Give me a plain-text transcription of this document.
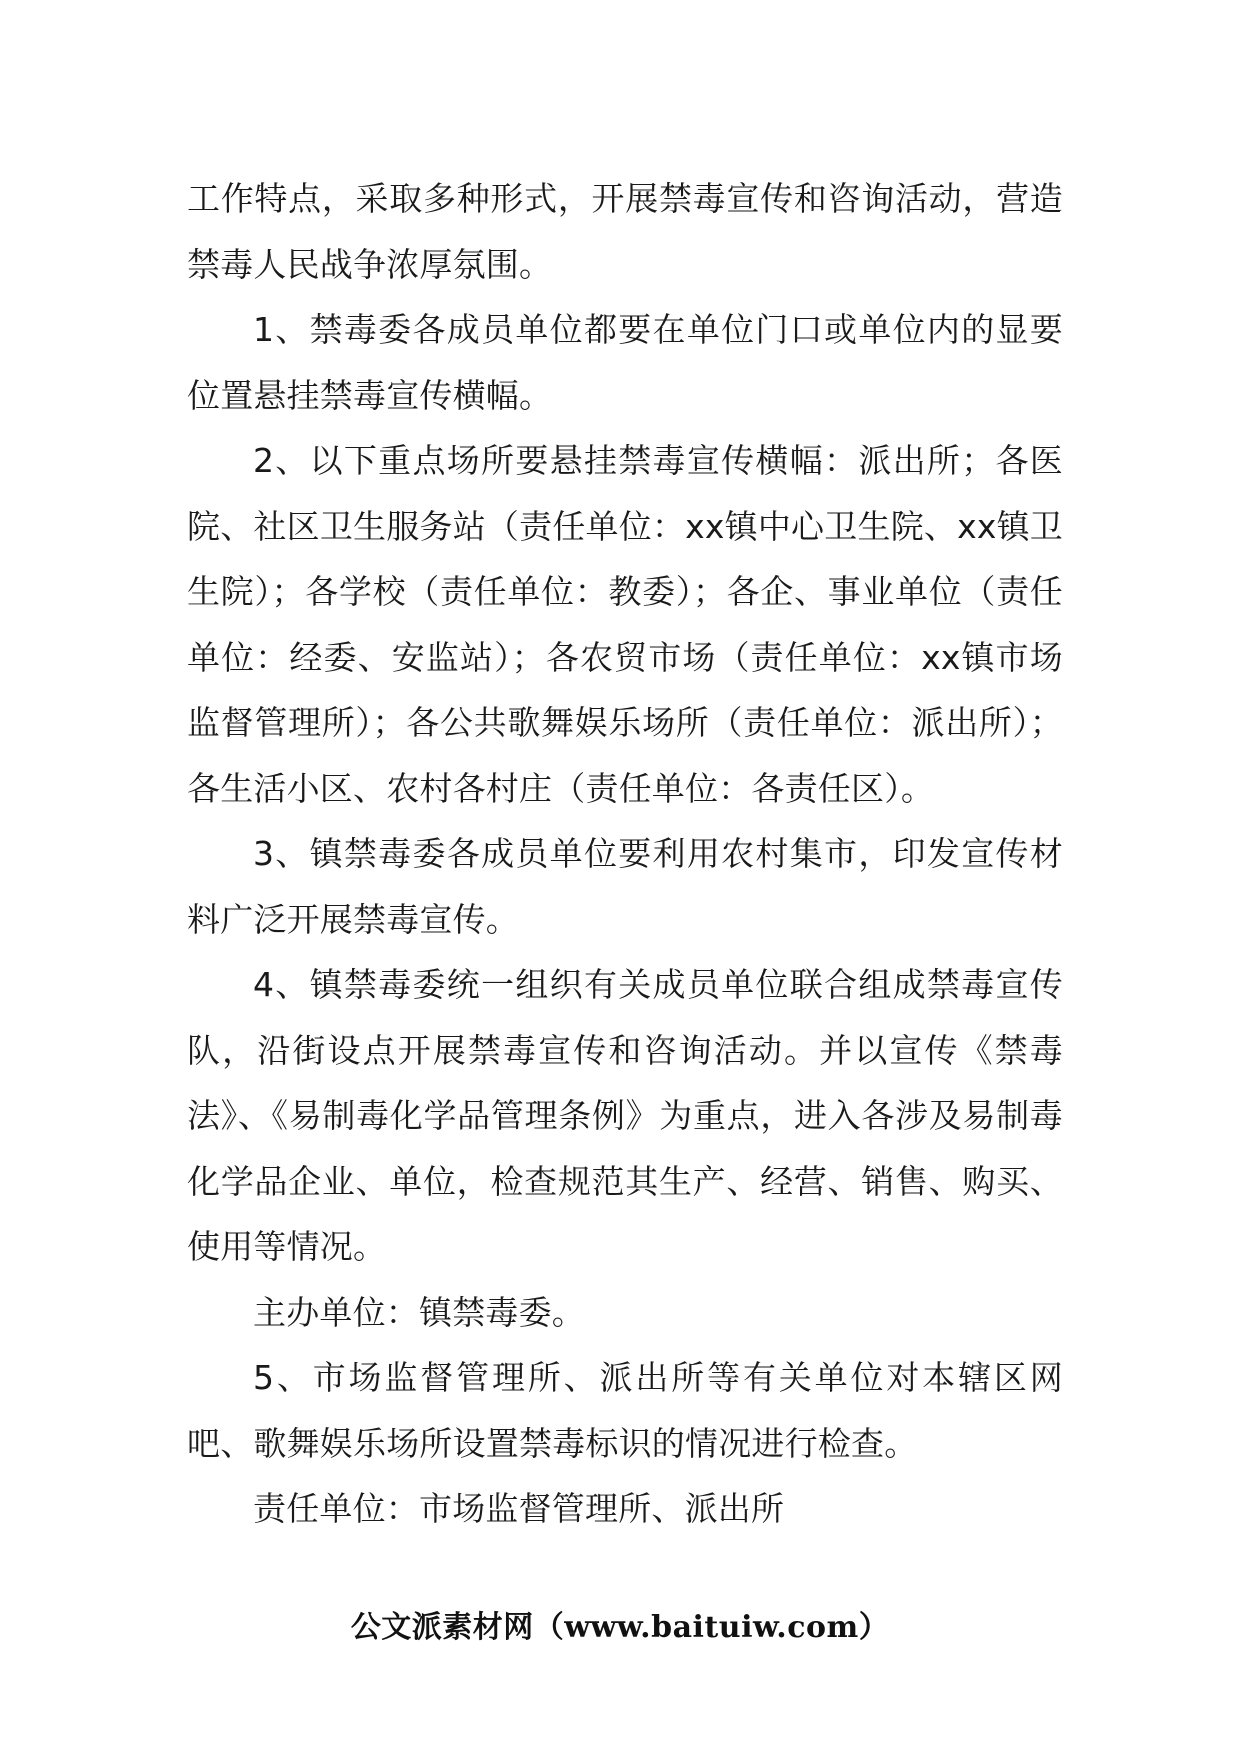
工作特点，采取多种形式，开展禁毒宣传和咨询活动，营造禁毒人民战争浓厚氛围。

1、禁毒委各成员单位都要在单位门口或单位内的显要位置悬挂禁毒宣传横幅。

2、以下重点场所要悬挂禁毒宣传横幅：派出所；各医院、社区卫生服务站（责任单位：xx镇中心卫生院、xx镇卫生院）；各学校（责任单位：教委）；各企、事业单位（责任单位：经委、安监站）；各农贸市场（责任单位：xx镇市场监督管理所）；各公共歌舞娱乐场所（责任单位：派出所）；各生活小区、农村各村庄（责任单位：各责任区）。

3、镇禁毒委各成员单位要利用农村集市，印发宣传材料广泛开展禁毒宣传。

4、镇禁毒委统一组织有关成员单位联合组成禁毒宣传队，沿街设点开展禁毒宣传和咨询活动。并以宣传《禁毒法》、《易制毒化学品管理条例》为重点，进入各涉及易制毒化学品企业、单位，检查规范其生产、经营、销售、购买、使用等情况。

主办单位：镇禁毒委。

5、市场监督管理所、派出所等有关单位对本辖区网吧、歌舞娱乐场所设置禁毒标识的情况进行检查。

责任单位：市场监督管理所、派出所

公文派素材网（www.baituiw.com）
